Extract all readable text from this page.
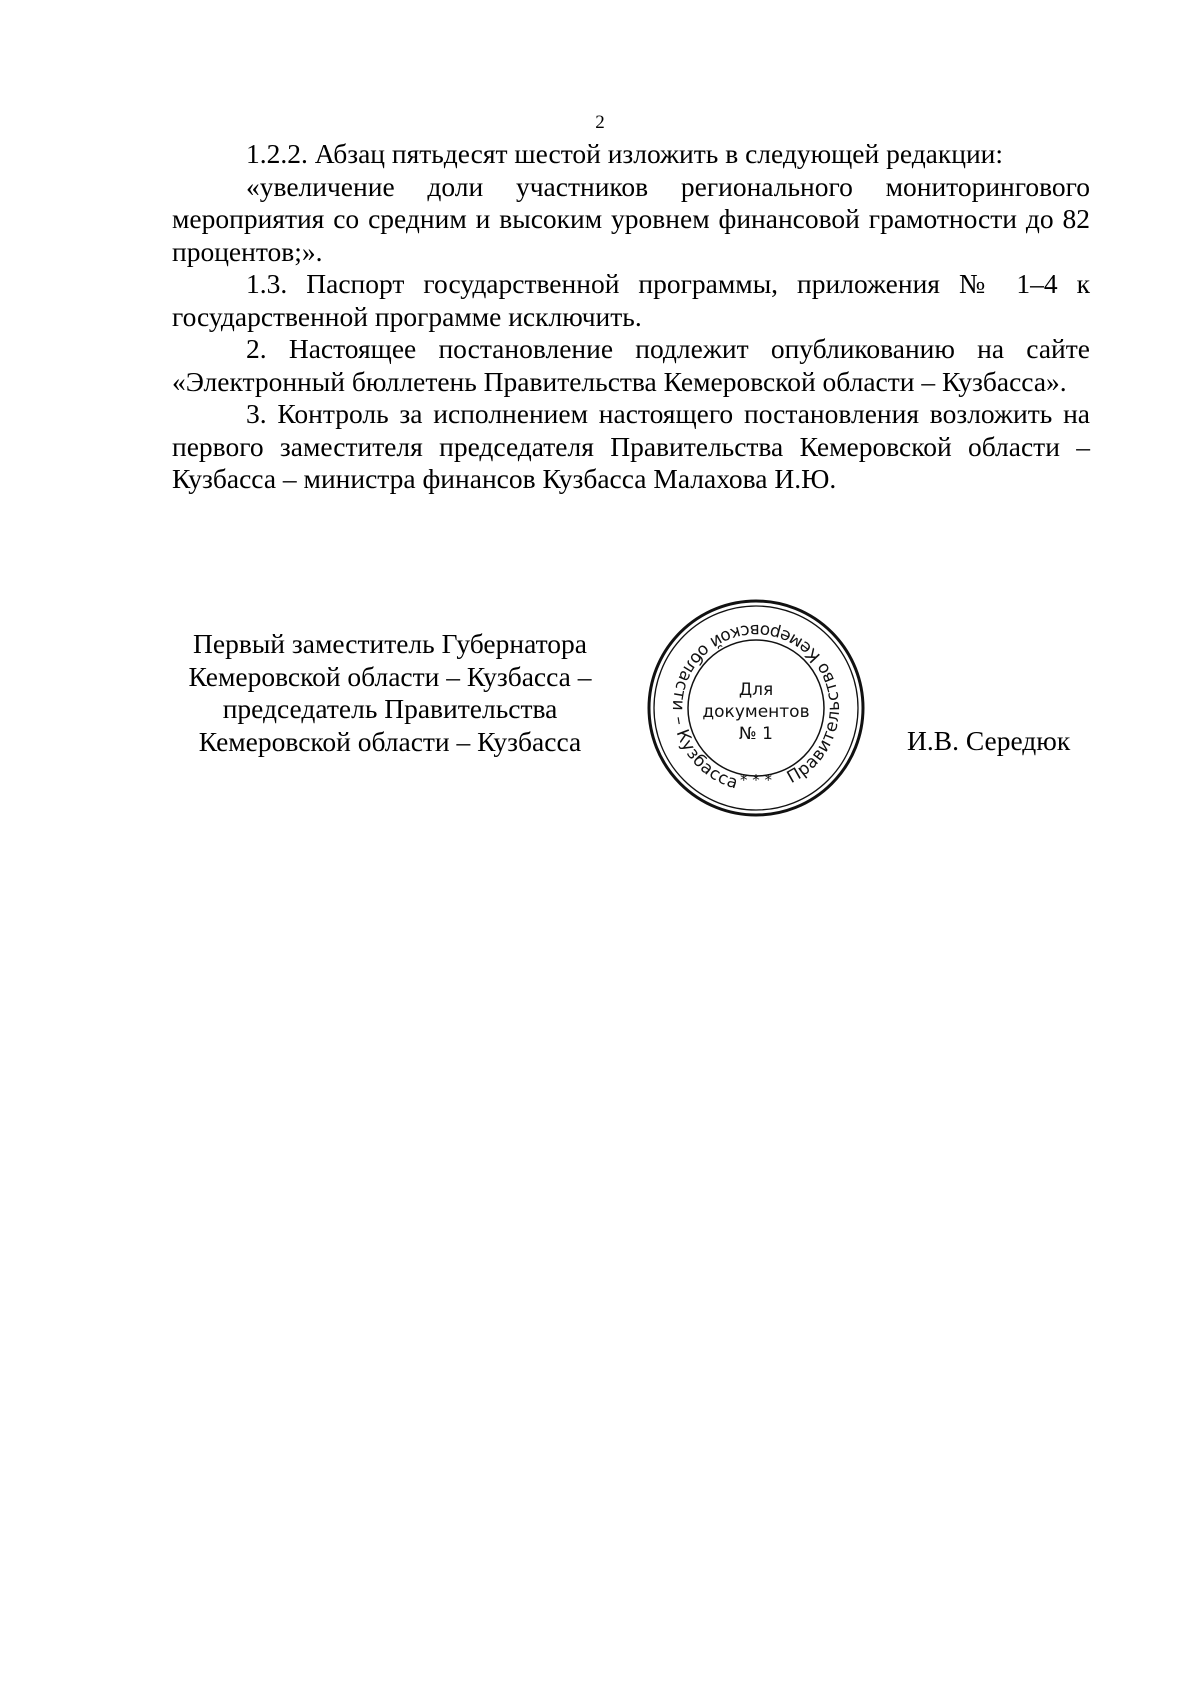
2

1.2.2. Абзац пятьдесят шестой изложить в следующей редакции:

«увеличение доли участников регионального мониторингового мероприятия со средним и высоким уровнем финансовой грамотности до 82 процентов;».

1.3. Паспорт государственной программы, приложения № 1–4 к государственной программе исключить.

2. Настоящее постановление подлежит опубликованию на сайте «Электронный бюллетень Правительства Кемеровской области – Кузбасса».

3. Контроль за исполнением настоящего постановления возложить на первого заместителя председателя Правительства Кемеровской области – Кузбасса – министра финансов Кузбасса Малахова И.Ю.

Первый заместитель Губернатора
Кемеровской области – Кузбасса –
председатель Правительства
Кемеровской области – Кузбасса
Правительство Кемеровской области – Кузбасса
Для
документов
№ 1
* * *
И.В. Середюк
